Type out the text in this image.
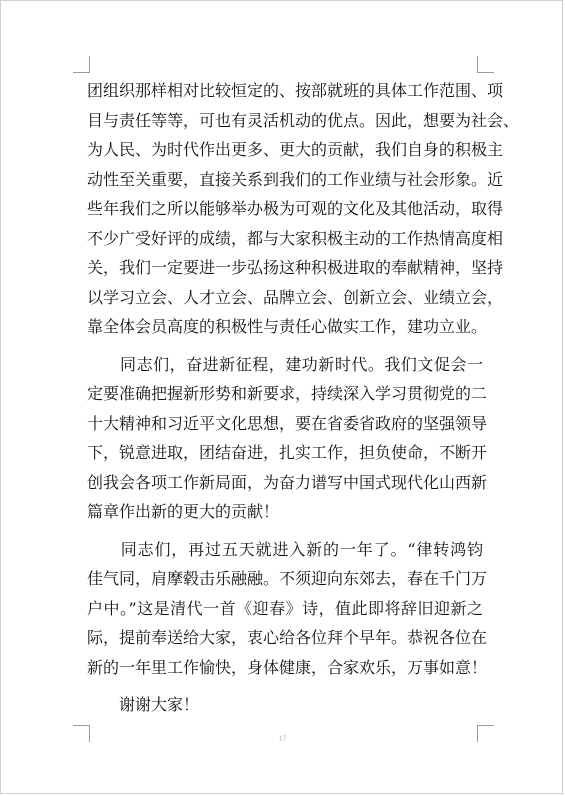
团组织那样相对比较恒定的、按部就班的具体工作范围、项
目与责任等等，可也有灵活机动的优点。因此，想要为社会、
为人民、为时代作出更多、更大的贡献，我们自身的积极主
动性至关重要，直接关系到我们的工作业绩与社会形象。近
些年我们之所以能够举办极为可观的文化及其他活动，取得
不少广受好评的成绩，都与大家积极主动的工作热情高度相
关，我们一定要进一步弘扬这种积极进取的奉献精神，坚持
以学习立会、人才立会、品牌立会、创新立会、业绩立会，
靠全体会员高度的积极性与责任心做实工作，建功立业。
　　同志们，奋进新征程，建功新时代。我们文促会一
定要准确把握新形势和新要求，持续深入学习贯彻党的二
十大精神和习近平文化思想，要在省委省政府的坚强领导
下，锐意进取，团结奋进，扎实工作，担负使命，不断开
创我会各项工作新局面，为奋力谱写中国式现代化山西新
篇章作出新的更大的贡献！
　　同志们，再过五天就进入新的一年了。“律转鸿钧
佳气同，肩摩毂击乐融融。不须迎向东郊去，春在千门万
户中。”这是清代一首《迎春》诗，值此即将辞旧迎新之
际，提前奉送给大家，衷心给各位拜个早年。恭祝各位在
新的一年里工作愉快，身体健康，合家欢乐，万事如意！
　　谢谢大家！
17
